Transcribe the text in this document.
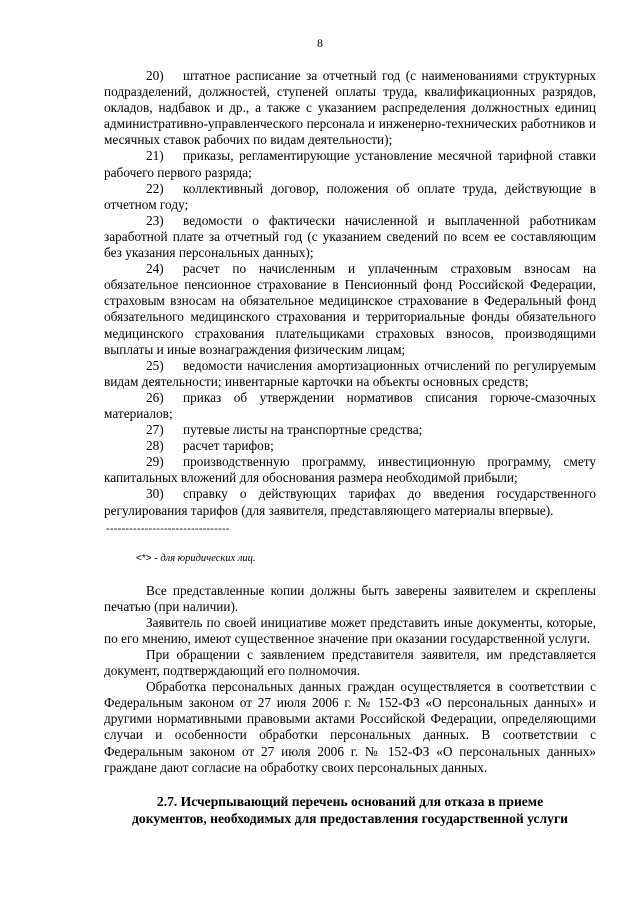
8

20) штатное расписание за отчетный год (с наименованиями структурных подразделений, должностей, ступеней оплаты труда, квалификационных разрядов, окладов, надбавок и др., а также с указанием распределения должностных единиц административно-управленческого персонала и инженерно-технических работников и месячных ставок рабочих по видам деятельности);

21) приказы, регламентирующие установление месячной тарифной ставки рабочего первого разряда;

22) коллективный договор, положения об оплате труда, действующие в отчетном году;

23) ведомости о фактически начисленной и выплаченной работникам заработной плате за отчетный год (с указанием сведений по всем ее составляющим без указания персональных данных);

24) расчет по начисленным и уплаченным страховым взносам на обязательное пенсионное страхование в Пенсионный фонд Российской Федерации, страховым взносам на обязательное медицинское страхование в Федеральный фонд обязательного медицинского страхования и территориальные фонды обязательного медицинского страхования плательщиками страховых взносов, производящими выплаты и иные вознаграждения физическим лицам;

25) ведомости начисления амортизационных отчислений по регулируемым видам деятельности; инвентарные карточки на объекты основных средств;

26) приказ об утверждении нормативов списания горюче-смазочных материалов;

27) путевые листы на транспортные средства;

28) расчет тарифов;

29) производственную программу, инвестиционную программу, смету капитальных вложений для обоснования размера необходимой прибыли;

30) справку о действующих тарифах до введения государственного регулирования тарифов (для заявителя, представляющего материалы впервые).

--------------------------------
<*> - для юридических лиц.

Все представленные копии должны быть заверены заявителем и скреплены печатью (при наличии).

Заявитель по своей инициативе может представить иные документы, которые, по его мнению, имеют существенное значение при оказании государственной услуги.

При обращении с заявлением представителя заявителя, им представляется документ, подтверждающий его полномочия.

Обработка персональных данных граждан осуществляется в соответствии с Федеральным законом от 27 июля 2006 г. № 152-ФЗ «О персональных данных» и другими нормативными правовыми актами Российской Федерации, определяющими случаи и особенности обработки персональных данных. В соответствии с Федеральным законом от 27 июля 2006 г. № 152-ФЗ «О персональных данных» граждане дают согласие на обработку своих персональных данных.

2.7. Исчерпывающий перечень оснований для отказа в приеме
документов, необходимых для предоставления государственной услуги
